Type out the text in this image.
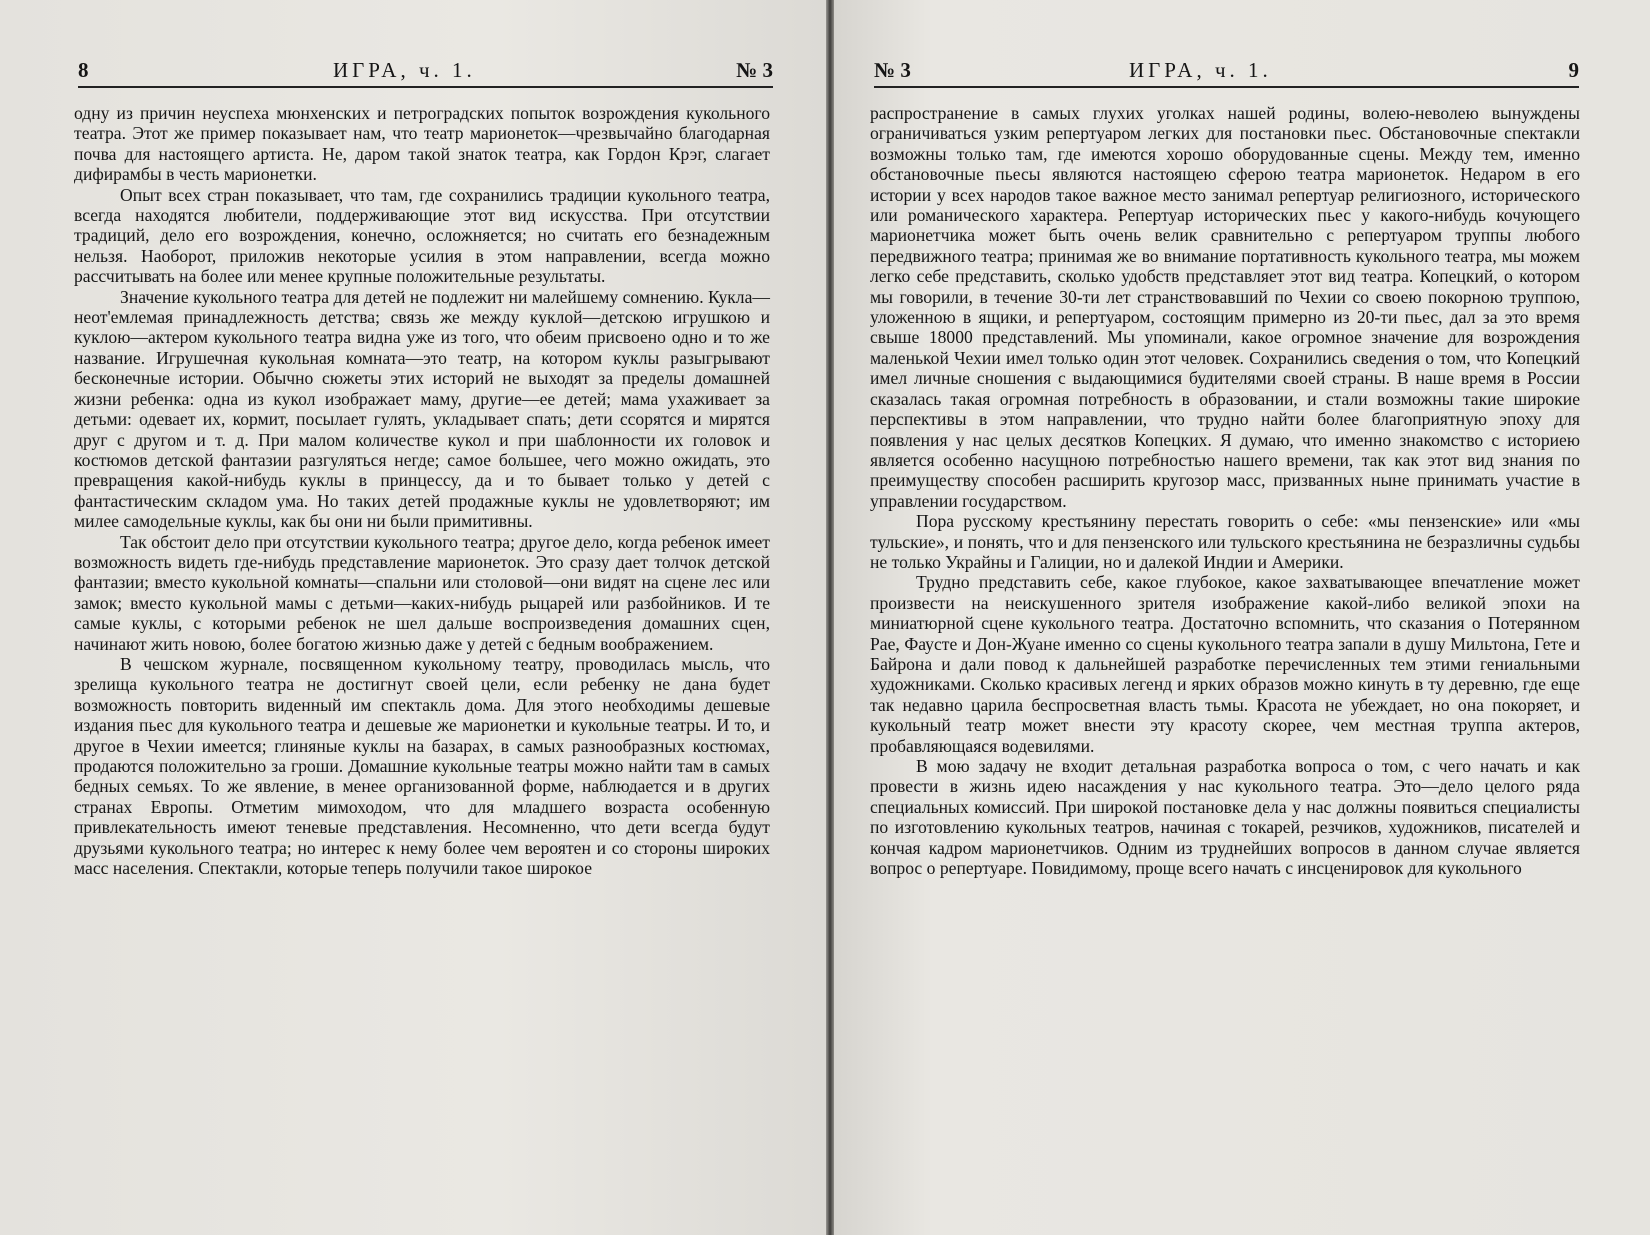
8	ИГРА, ч. 1.	№ 3

одну из причин неуспеха мюнхенских и петроградских попыток возрождения кукольного театра. Этот же пример показывает нам, что театр марионеток—чрезвычайно благодарная почва для настоящего артиста. Не, даром такой знаток театра, как Гордон Крэг, слагает дифирамбы в честь марионетки.

Опыт всех стран показывает, что там, где сохранились традиции кукольного театра, всегда находятся любители, поддерживающие этот вид искусства. При отсутствии традиций, дело его возрождения, конечно, осложняется; но считать его безнадежным нельзя. Наоборот, приложив некоторые усилия в этом направлении, всегда можно рассчитывать на более или менее крупные положительные результаты.

Значение кукольного театра для детей не подлежит ни малейшему сомнению. Кукла—неот'емлемая принадлежность детства; связь же между куклой—детскою игрушкою и куклою—актером кукольного театра видна уже из того, что обеим присвоено одно и то же название. Игрушечная кукольная комната—это театр, на котором куклы разыгрывают бесконечные истории. Обычно сюжеты этих историй не выходят за пределы домашней жизни ребенка: одна из кукол изображает маму, другие—ее детей; мама ухаживает за детьми: одевает их, кормит, посылает гулять, укладывает спать; дети ссорятся и мирятся друг с другом и т. д. При малом количестве кукол и при шаблонности их головок и костюмов детской фантазии разгуляться негде; самое большее, чего можно ожидать, это превращения какой-нибудь куклы в принцессу, да и то бывает только у детей с фантастическим складом ума. Но таких детей продажные куклы не удовлетворяют; им милее самодельные куклы, как бы они ни были примитивны.

Так обстоит дело при отсутствии кукольного театра; другое дело, когда ребенок имеет возможность видеть где-нибудь представление марионеток. Это сразу дает толчок детской фантазии; вместо кукольной комнаты—спальни или столовой—они видят на сцене лес или замок; вместо кукольной мамы с детьми—каких-нибудь рыцарей или разбойников. И те самые куклы, с которыми ребенок не шел дальше воспроизведения домашних сцен, начинают жить новою, более богатою жизнью даже у детей с бедным воображением.

В чешском журнале, посвященном кукольному театру, проводилась мысль, что зрелища кукольного театра не достигнут своей цели, если ребенку не дана будет возможность повторить виденный им спектакль дома. Для этого необходимы дешевые издания пьес для кукольного театра и дешевые же марионетки и кукольные театры. И то, и другое в Чехии имеется; глиняные куклы на базарах, в самых разнообразных костюмах, продаются положительно за гроши. Домашние кукольные театры можно найти там в самых бедных семьях. То же явление, в менее организованной форме, наблюдается и в других странах Европы. Отметим мимоходом, что для младшего возраста особенную привлекательность имеют теневые представления. Несомненно, что дети всегда будут друзьями кукольного театра; но интерес к нему более чем вероятен и со стороны широких масс населения. Спектакли, которые теперь получили такое широкое

№ 3	ИГРА, ч. 1.	9

распространение в самых глухих уголках нашей родины, волею-неволею вынуждены ограничиваться узким репертуаром легких для постановки пьес. Обстановочные спектакли возможны только там, где имеются хорошо оборудованные сцены. Между тем, именно обстановочные пьесы являются настоящею сферою театра марионеток. Недаром в его истории у всех народов такое важное место занимал репертуар религиозного, исторического или романического характера. Репертуар исторических пьес у какого-нибудь кочующего марионетчика может быть очень велик сравнительно с репертуаром труппы любого передвижного театра; принимая же во внимание портативность кукольного театра, мы можем легко себе представить, сколько удобств представляет этот вид театра. Копецкий, о котором мы говорили, в течение 30-ти лет странствовавший по Чехии со своею покорною труппою, уложенною в ящики, и репертуаром, состоящим примерно из 20-ти пьес, дал за это время свыше 18000 представлений. Мы упоминали, какое огромное значение для возрождения маленькой Чехии имел только один этот человек. Сохранились сведения о том, что Копецкий имел личные сношения с выдающимися будителями своей страны. В наше время в России сказалась такая огромная потребность в образовании, и стали возможны такие широкие перспективы в этом направлении, что трудно найти более благоприятную эпоху для появления у нас целых десятков Копецких. Я думаю, что именно знакомство с историею является особенно насущною потребностью нашего времени, так как этот вид знания по преимуществу способен расширить кругозор масс, призванных ныне принимать участие в управлении государством.

Пора русскому крестьянину перестать говорить о себе: «мы пензенские» или «мы тульские», и понять, что и для пензенского или тульского крестьянина не безразличны судьбы не только Украйны и Галиции, но и далекой Индии и Америки.

Трудно представить себе, какое глубокое, какое захватывающее впечатление может произвести на неискушенного зрителя изображение какой-либо великой эпохи на миниатюрной сцене кукольного театра. Достаточно вспомнить, что сказания о Потерянном Рае, Фаусте и Дон-Жуане именно со сцены кукольного театра запали в душу Мильтона, Гете и Байрона и дали повод к дальнейшей разработке перечисленных тем этими гениальными художниками. Сколько красивых легенд и ярких образов можно кинуть в ту деревню, где еще так недавно царила беспросветная власть тьмы. Красота не убеждает, но она покоряет, и кукольный театр может внести эту красоту скорее, чем местная труппа актеров, пробавляющаяся водевилями.

В мою задачу не входит детальная разработка вопроса о том, с чего начать и как провести в жизнь идею насаждения у нас кукольного театра. Это—дело целого ряда специальных комиссий. При широкой постановке дела у нас должны появиться специалисты по изготовлению кукольных театров, начиная с токарей, резчиков, художников, писателей и кончая кадром марионетчиков. Одним из труднейших вопросов в данном случае является вопрос о репертуаре. Повидимому, проще всего начать с инсценировок для кукольного
